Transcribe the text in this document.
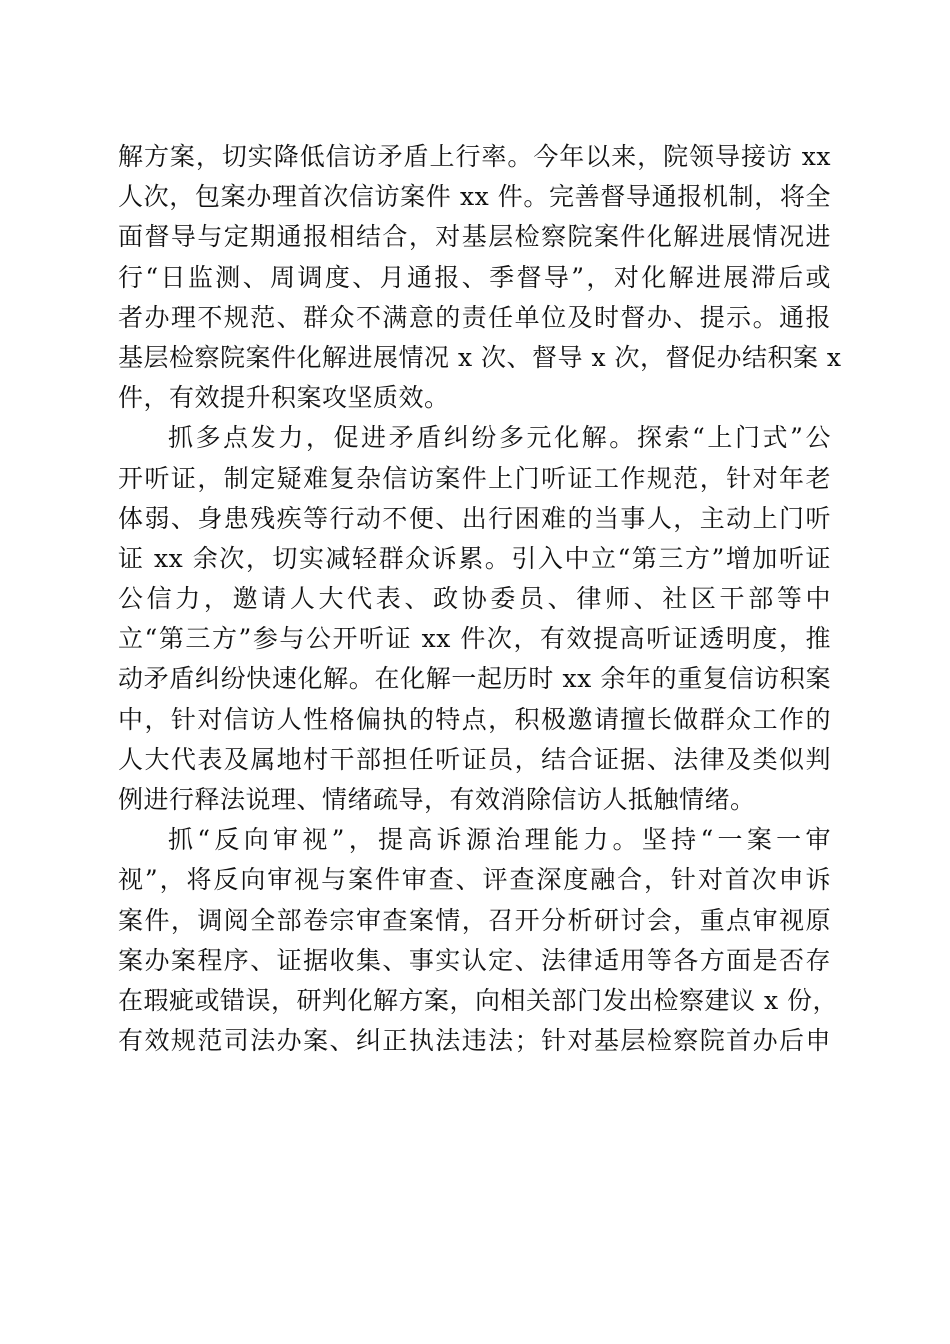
解方案，切实降低信访矛盾上行率。今年以来，院领导接访 xx
人次，包案办理首次信访案件 xx 件。完善督导通报机制，将全
面督导与定期通报相结合，对基层检察院案件化解进展情况进
行“日监测、周调度、月通报、季督导”，对化解进展滞后或
者办理不规范、群众不满意的责任单位及时督办、提示。通报
基层检察院案件化解进展情况 x 次、督导 x 次，督促办结积案 x
件，有效提升积案攻坚质效。
抓多点发力，促进矛盾纠纷多元化解。探索“上门式”公
开听证，制定疑难复杂信访案件上门听证工作规范，针对年老
体弱、身患残疾等行动不便、出行困难的当事人，主动上门听
证 xx 余次，切实减轻群众诉累。引入中立“第三方”增加听证
公信力，邀请人大代表、政协委员、律师、社区干部等中
立“第三方”参与公开听证 xx 件次，有效提高听证透明度，推
动矛盾纠纷快速化解。在化解一起历时 xx 余年的重复信访积案
中，针对信访人性格偏执的特点，积极邀请擅长做群众工作的
人大代表及属地村干部担任听证员，结合证据、法律及类似判
例进行释法说理、情绪疏导，有效消除信访人抵触情绪。
抓“反向审视”，提高诉源治理能力。坚持“一案一审
视”，将反向审视与案件审查、评查深度融合，针对首次申诉
案件，调阅全部卷宗审查案情，召开分析研讨会，重点审视原
案办案程序、证据收集、事实认定、法律适用等各方面是否存
在瑕疵或错误，研判化解方案，向相关部门发出检察建议 x 份，
有效规范司法办案、纠正执法违法；针对基层检察院首办后申
